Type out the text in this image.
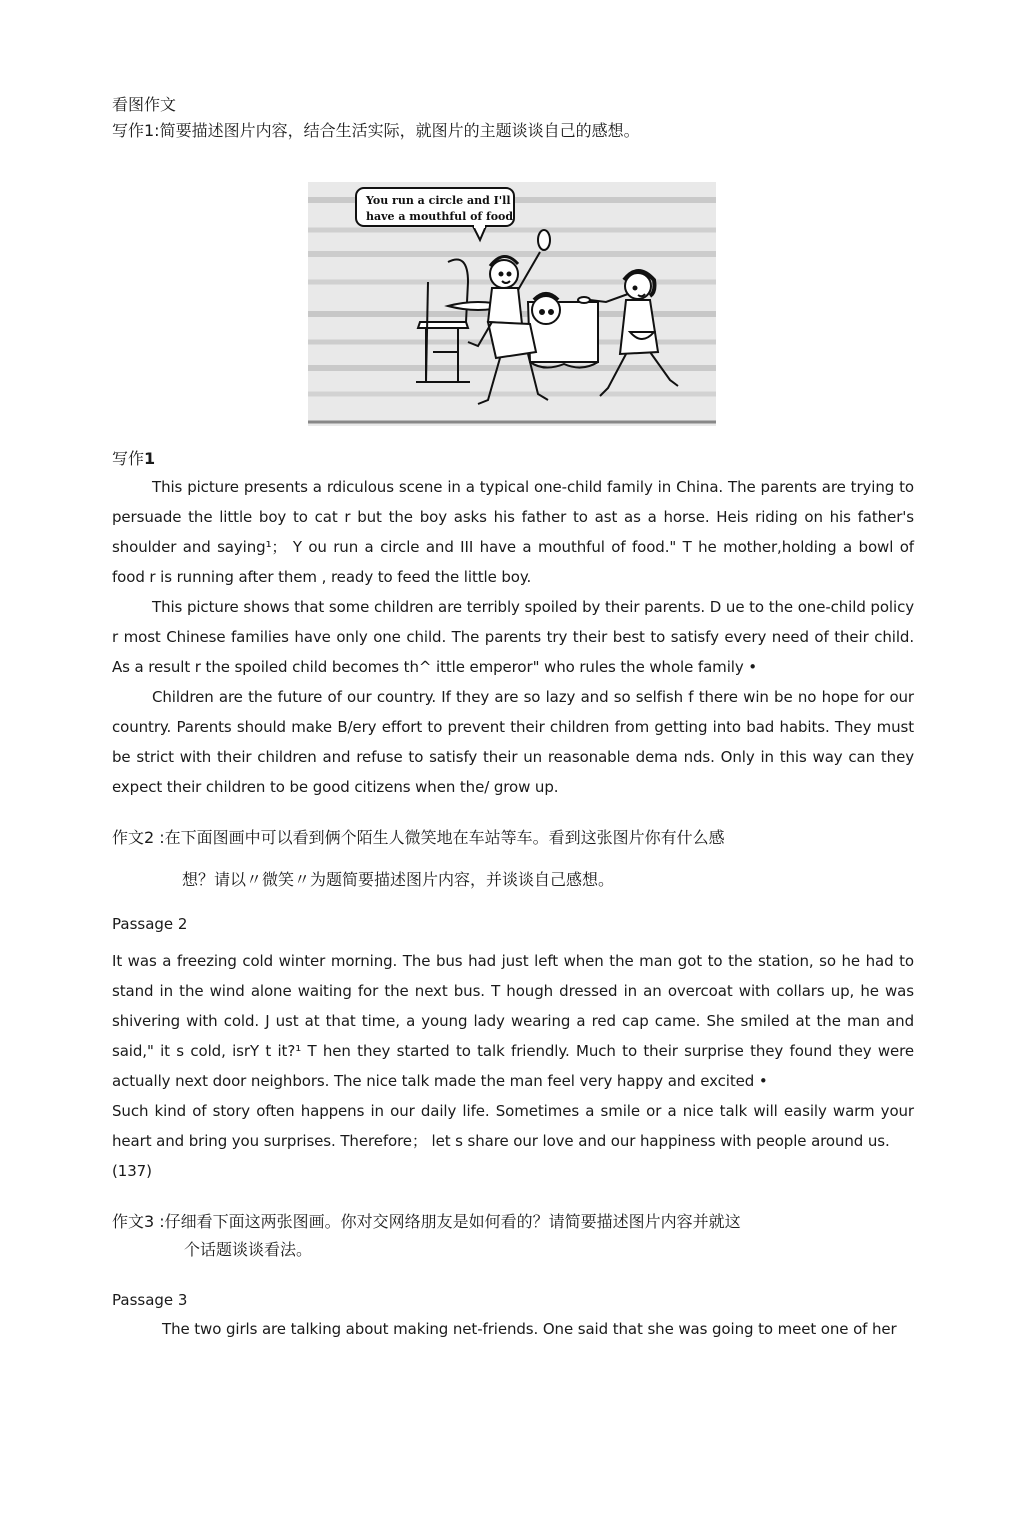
看图作文

写作1:简要描述图片内容，结合生活实际，就图片的主题谈谈自己的感想。

You run a circle and I'll
have a mouthful of food

写作1

This picture presents a rdiculous scene in a typical one-child family in China. The parents are trying to persuade the little boy to cat r but the boy asks his father to ast as a horse. Heis riding on his father's shoulder and saying¹； Y ou run a circle and III have a mouthful of food." T he mother,holding a bowl of food r is running after them , ready to feed the little boy.

This picture shows that some children are terribly spoiled by their parents. D ue to the one-child policy r most Chinese families have only one child. The parents try their best to satisfy every need of their child. As a result r the spoiled child becomes th^ ittle emperor" who rules the whole family •

Children are the future of our country. If they are so lazy and so selfish f there win be no hope for our country. Parents should make B/ery effort to prevent their children from getting into bad habits. They must be strict with their children and refuse to satisfy their un reasonable dema nds. Only in this way can they expect their children to be good citizens when the/ grow up.

作文2 :在下面图画中可以看到俩个陌生人微笑地在车站等车。看到这张图片你有什么感

想？请以〃微笑〃为题简要描述图片内容，并谈谈自己感想。

Passage 2

It was a freezing cold winter morning. The bus had just left when the man got to the station, so he had to stand in the wind alone waiting for the next bus. T hough dressed in an overcoat with collars up, he was shivering with cold. J ust at that time, a young lady wearing a red cap came. She smiled at the man and said," it s cold, isrY t it?¹ T hen they started to talk friendly. Much to their surprise they found they were actually next door neighbors. The nice talk made the man feel very happy and excited •

Such kind of story often happens in our daily life. Sometimes a smile or a nice talk will easily warm your heart and bring you surprises. Therefore； let s share our love and our happiness with people around us.

(137)

作文3 :仔细看下面这两张图画。你对交网络朋友是如何看的？请简要描述图片内容并就这

个话题谈谈看法。

Passage 3

The two girls are talking about making net-friends. One said that she was going to meet one of her
